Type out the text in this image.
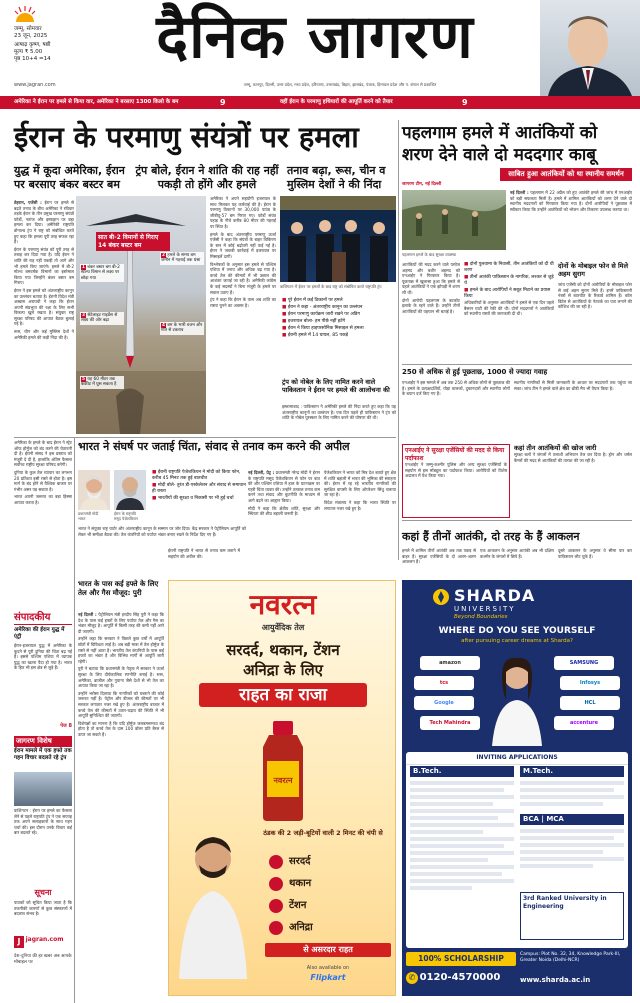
जम्मू, सोमवार
23 जून, 2025
आषाढ़ कृष्ण, षष्ठी
मूल्य ₹ 5.00
पृष्ठ 10+4 =14	दैनिक जागरण
www.jagran.com	जम्मू, कानपुर, दिल्ली, उत्तर प्रदेश, मध्य प्रदेश, हरियाणा, उत्तराखंड, बिहार, झारखंड, पंजाब, हिमाचल प्रदेश और प. बंगाल से प्रकाशित
अमेरिका ने ईरान पर हमले से किया वार, अमेरिका ने बरसाए 1300 किलो के बम	9	वहीं ईरान के परमाणु हथियारों की आपूर्ति करने को तैयार	9
ईरान के परमाणु संयंत्रों पर हमला
युद्ध में कूदा अमेरिका, ईरान पर बरसाए बंकर बस्टर बम
ट्रंप बोले, ईरान ने शांति की राह नहीं पकड़ी तो होंगे और हमले
तनाव बढ़ा, रूस, चीन व मुस्लिम देशों ने की निंदा

तेहरान, एजेंसी : ईरान पर हमले से बढ़ते तनाव के बीच अमेरिका ने रविवार तड़के ईरान के तीन प्रमुख परमाणु संयंत्रों फोर्डो, नतांज और इस्फहान पर बड़ा हमला कर दिया। अमेरिकी राष्ट्रपति डोनाल्ड ट्रंप ने राष्ट्र को संबोधित करते हुए कहा कि हमला पूरी तरह सफल रहा है।

ईरान के परमाणु संयंत्र को पूरी तरह से तबाह कर दिया गया है। यदि ईरान ने शांति की राह नहीं पकड़ी तो आगे और भी हमले किए जाएंगे। हमले में बी-2 स्टेल्थ बमवर्षक विमानों का इस्तेमाल किया गया जिन्होंने बंकर बस्टर बम गिराए।

ईरान ने इस हमले को अंतरराष्ट्रीय कानून का उल्लंघन बताया है। ईरानी विदेश मंत्री अब्बास अराघची ने कहा कि ईरान अपनी संप्रभुता की रक्षा के लिए सभी विकल्प खुले रखता है। संयुक्त राष्ट्र सुरक्षा परिषद की आपात बैठक बुलाई गई है।

रूस, चीन और कई मुस्लिम देशों ने अमेरिकी हमले की कड़ी निंदा की है।

सात बी-2 विमानों से गिराए 14 बंकर बस्टर बम
1 बंकर बस्टर बम बी-2 स्टेल्थ विमान से लक्ष्य पर छोड़ा गया
2 हमले के समय बम जमीन में गहराई तक धंसा
3 सेटेलाइट गाइडेंस से लक्ष्य की ओर बढ़ा
4 बम के भारी वजन और गति से टकराव
5 यह 60 मीटर तक कंक्रीट में घुस सकता है

अमेरिका ने अपने सहयोगी इजरायल के साथ मिलकर यह कार्रवाई की है। ईरान के परमाणु ठिकानों पर 30,000 पाउंड के जीबीयू-57 बम गिराए गए। फोर्डो संयंत्र पहाड़ के नीचे करीब 80 मीटर की गहराई पर स्थित है।

हमले के बाद अंतरराष्ट्रीय परमाणु ऊर्जा एजेंसी ने कहा कि संयंत्रों के बाहर विकिरण के स्तर में कोई बढ़ोतरी नहीं पाई गई है। ईरान ने जवाबी कार्रवाई में इजरायल पर मिसाइलें दागीं।

विश्लेषकों के अनुसार इस हमले से पश्चिम एशिया में तनाव और अधिक बढ़ गया है। कच्चे तेल की कीमतों में भी उछाल की आशंका जताई जा रही है। अमेरिकी कांग्रेस के कई सदस्यों ने बिना मंजूरी के हमले पर सवाल उठाए हैं।

ट्रंप ने कहा कि ईरान के पास अब शांति का रास्ता चुनने का अवसर है।

वाशिंगटन में ईरान पर हमलों के बाद राष्ट्र को संबोधित करते राष्ट्रपति ट्रंप
■ पूरे ईरान में कई ठिकानों पर हमले
■ ईरान ने कहा - अंतरराष्ट्रीय कानून का उल्लंघन
■ ईरान परमाणु कार्यक्रम जारी रखने पर अडिग
■ इजरायल बोला- हम पीछे नहीं हटेंगे
■ ईरान ने किया हाइपरसोनिक मिसाइल से हमला
■ ईरानी हमले में 14 घायल, 85 पकड़े
ट्रंप को नोबेल के लिए नामित करने वाले पाकिस्तान ने ईरान पर हमले की आलोचना की

इस्लामाबाद : पाकिस्तान ने अमेरिकी हमले की निंदा करते हुए कहा कि यह अंतरराष्ट्रीय कानूनों का उल्लंघन है। एक दिन पहले ही पाकिस्तान ने ट्रंप को शांति के नोबेल पुरस्कार के लिए नामित करने की घोषणा की थी।

पहलगाम हमले में आतंकियों को शरण देने वाले दो मददगार काबू
साबित हुआ आतंकियों को था स्थानीय समर्थन
जागरण टीम, नई दिल्ली

नई दिल्ली : पहलगाम में 22 अप्रैल को हुए आतंकी हमले की जांच में एनआईए को बड़ी सफलता मिली है। हमले में शामिल आतंकियों को शरण देने वाले दो स्थानीय मददगारों को गिरफ्तार किया गया है। दोनों आरोपियों ने पूछताछ में स्वीकार किया कि उन्होंने आतंकियों को भोजन और ठिकाना उपलब्ध कराया था।

पहलगाम हमले के बाद सुरक्षा व्यवस्था

आतंकियों की मदद करने वाले परवेज अहमद और बशीर अहमद को एनआईए ने गिरफ्तार किया है। पूछताछ में खुलासा हुआ कि हमले से पहले आतंकियों ने एक झोपड़ी में शरण ली थी।

दोनों आरोपी पहलगाम के बटकोट इलाके के रहने वाले हैं। उन्होंने तीनों आतंकियों की पहचान भी बताई है।

■ दोनों पुलवामा के निवासी, तीन आतंकियों को दी थी शरण
■ तीनों आतंकी पाकिस्तान के नागरिक, लश्कर से जुड़े थे
■ हमले के बाद आरोपियों ने सबूत मिटाने का प्रयास किया
दोनों के मोबाइल फोन से मिले अहम सुराग

जांच एजेंसी को दोनों आरोपियों के मोबाइल फोन से कई अहम सुराग मिले हैं। इनमें पाकिस्तानी नंबरों से बातचीत के रिकार्ड शामिल हैं। कॉल डिटेल से आतंकियों के नेटवर्क का पता लगाने की कोशिश की जा रही है।

अधिकारियों के अनुसार आतंकियों ने हमले से एक दिन पहले बैसरन घाटी की रेकी की थी। दोनों मददगारों ने आतंकियों को स्थानीय रास्तों की जानकारी दी थी।

250 से अधिक से हुई पूछताछ, 1000 से ज्यादा गवाह

एनआईए ने इस मामले में अब तक 250 से अधिक लोगों से पूछताछ की है। हमले के प्रत्यक्षदर्शियों, घोड़ा चालकों, दुकानदारों और स्थानीय लोगों के बयान दर्ज किए गए हैं।

स्थानीय नागरिकों से मिली जानकारी के आधार पर मददगारों तक पहुंचा जा सका। जांच टीम ने हमले वाले क्षेत्र का थ्रीडी मैप भी तैयार किया है।

एनआईए ने सुरक्षा एजेंसियों की मदद से किया पर्दाफाश

एनआईए ने जम्मू-कश्मीर पुलिस और अन्य सुरक्षा एजेंसियों के सहयोग से इस मॉड्यूल का पर्दाफाश किया। आरोपियों को विशेष अदालत में पेश किया गया।

कहां तीन आतंकियों की खोज जारी

सुरक्षा बलों ने जंगलों में तलाशी अभियान तेज कर दिया है। ड्रोन और थर्मल कैमरों की मदद से आतंकियों की तलाश की जा रही है।

भारत ने संघर्ष पर जताई चिंता, संवाद से तनाव कम करने की अपील
प्रधानमंत्री मोदी
भारत
ईरान के राष्ट्रपति
मसूद पेजेशकियन
■ ईरानी राष्ट्रपति पेजेशकियन ने मोदी को किया फोन, करीब 45 मिनट तक हुई बातचीत
■ मोदी बोले- तुरंत डी-एस्केलेशन और संवाद से समाधान ही रास्ता
■ भारतीयों की सुरक्षा व निकासी पर भी हुई चर्चा

नई दिल्ली, प्रेट्र : प्रधानमंत्री नरेन्द्र मोदी ने ईरान के राष्ट्रपति मसूद पेजेशकियन से फोन पर बात की और पश्चिम एशिया में हाल के घटनाक्रम पर गहरी चिंता व्यक्त की। उन्होंने तत्काल तनाव कम करने तथा संवाद और कूटनीति के माध्यम से आगे बढ़ने का आह्वान किया।

मोदी ने कहा कि क्षेत्रीय शांति, सुरक्षा और स्थिरता की शीघ्र बहाली जरूरी है।

पेजेशकियन ने भारत को मित्र देश बताते हुए क्षेत्र में शांति बहाली में भारत की भूमिका की सराहना की। ईरान में रह रहे भारतीय नागरिकों की सुरक्षित वापसी के लिए ऑपरेशन सिंधु चलाया जा रहा है।

विदेश मंत्रालय ने कहा कि भारत स्थिति पर लगातार नजर रखे हुए है।

भारत ने संयुक्त राष्ट्र चार्टर और अंतरराष्ट्रीय कानून के सम्मान पर जोर दिया। केंद्र सरकार ने पेट्रोलियम आपूर्ति को लेकर भी समीक्षा बैठक की। तेल कंपनियों को पर्याप्त भंडार बनाए रखने के निर्देश दिए गए हैं।

अमेरिका के हमले के बाद ईरान ने स्ट्रेट ऑफ होर्मुज को बंद करने की चेतावनी दी है। ईरानी संसद ने इस प्रस्ताव को मंजूरी दे दी है, हालांकि अंतिम फैसला सर्वोच्च राष्ट्रीय सुरक्षा परिषद करेगी।

दुनिया के कुल तेल व्यापार का लगभग 20 प्रतिशत इसी रास्ते से होता है। इस मार्ग के बंद होने से वैश्विक बाजार पर गंभीर असर पड़ सकता है।

भारत अपनी जरूरत का बड़ा हिस्सा आयात करता है।

भारत के पास कई हफ्ते के लिए तेल और गैस मौजूद: पुरी

नई दिल्ली : पेट्रोलियम मंत्री हरदीप सिंह पुरी ने कहा कि देश के पास कई हफ्तों के लिए पर्याप्त तेल और गैस का भंडार मौजूद है। आपूर्ति में किसी तरह की कमी नहीं आने दी जाएगी।

उन्होंने कहा कि सरकार ने पिछले कुछ वर्षों में आपूर्ति स्रोतों में विविधता लाई है। अब बड़ी मात्रा में तेल होर्मुज के रास्ते से नहीं आता है। भारतीय तेल कंपनियों के पास कई हफ्तों का भंडार है और विभिन्न मार्गों से आपूर्ति जारी रहेगी।

पुरी ने बताया कि प्रधानमंत्री के नेतृत्व में सरकार ने ऊर्जा सुरक्षा के लिए दीर्घकालिक रणनीति बनाई है। रूस, अमेरिका, ब्राजील और गुयाना जैसे देशों से भी तेल का आयात किया जा रहा है।

उन्होंने भरोसा दिलाया कि नागरिकों को घबराने की कोई जरूरत नहीं है। पेट्रोल और डीजल की कीमतों पर भी सरकार लगातार नजर रखे हुए है। अंतरराष्ट्रीय बाजार में कच्चे तेल की कीमतों में उतार-चढ़ाव की स्थिति में भी आपूर्ति सुनिश्चित की जाएगी।

विशेषज्ञों का मानना है कि यदि होर्मुज जलडमरूमध्य बंद होता है तो कच्चे तेल के दाम 100 डॉलर प्रति बैरल से ऊपर जा सकते हैं।

संपादकीय
अमेरिका की ईरान युद्ध में एंट्री

ईरान-इजरायल युद्ध में अमेरिका के कूदने से पूरी दुनिया की चिंता बढ़ गई है। इससे पश्चिम एशिया में व्यापक युद्ध का खतरा पैदा हो गया है। भारत के हित भी इस क्षेत्र से जुड़े हैं।

पेज 8
जागरण विशेष
ईरान मामले में एक हफ्ते तक गहन विचार बदलते रहे ट्रंप

वाशिंगटन : ईरान पर हमले का फैसला लेने से पहले राष्ट्रपति ट्रंप ने एक सप्ताह तक अपने सलाहकारों के साथ गहन चर्चा की। इस दौरान उनके विचार कई बार बदलते रहे।

सूचना

पाठकों को सूचित किया जाता है कि तकनीकी कारणों से कुछ संस्करणों में बदलाव संभव है।

J jagran.com
देश-दुनिया की हर खबर अब आपके मोबाइल पर
कहां हैं तीनों आतंकी, दो तरह के हैं आकलन

हमले में शामिल तीनों आतंकी अब तक पकड़ से बाहर हैं। सुरक्षा एजेंसियों के दो अलग-अलग आकलन हैं।

एक आकलन के अनुसार आतंकी अब भी दक्षिण कश्मीर के जंगलों में छिपे हैं।

दूसरे आकलन के अनुसार वे सीमा पार कर पाकिस्तान लौट चुके हैं।

ईरानी राष्ट्रपति ने भारत से तनाव कम कराने में सहयोग की अपील की।

नवरत्न
आयुर्वेदिक तेल
सरदर्द, थकान, टेंशन
अनिद्रा के लिए
राहत का राजा
नवरत्न
ठंडक की 2 जड़ी-बूटियों वाली 2 मिनट की चंपी से
सरदर्द
थकान
टेंशन
अनिद्रा
से असरदार राहत
Also available on
Flipkart
SHARDA
UNIVERSITY
Beyond Boundaries
WHERE DO YOU SEE YOURSELF
after pursuing career dreams at Sharda?
amazon	SAMSUNG
tcs	Infosys
Google	HCL
Tech Mahindra	accenture
INVITING APPLICATIONS
B.Tech.	M.Tech.
BCA | MCA
3rd Ranked University in Engineering
100% SCHOLARSHIP	Campus: Plot No. 32, 34, Knowledge Park-III, Greater Noida (Delhi-NCR)
✆ 0120-4570000	www.sharda.ac.in
